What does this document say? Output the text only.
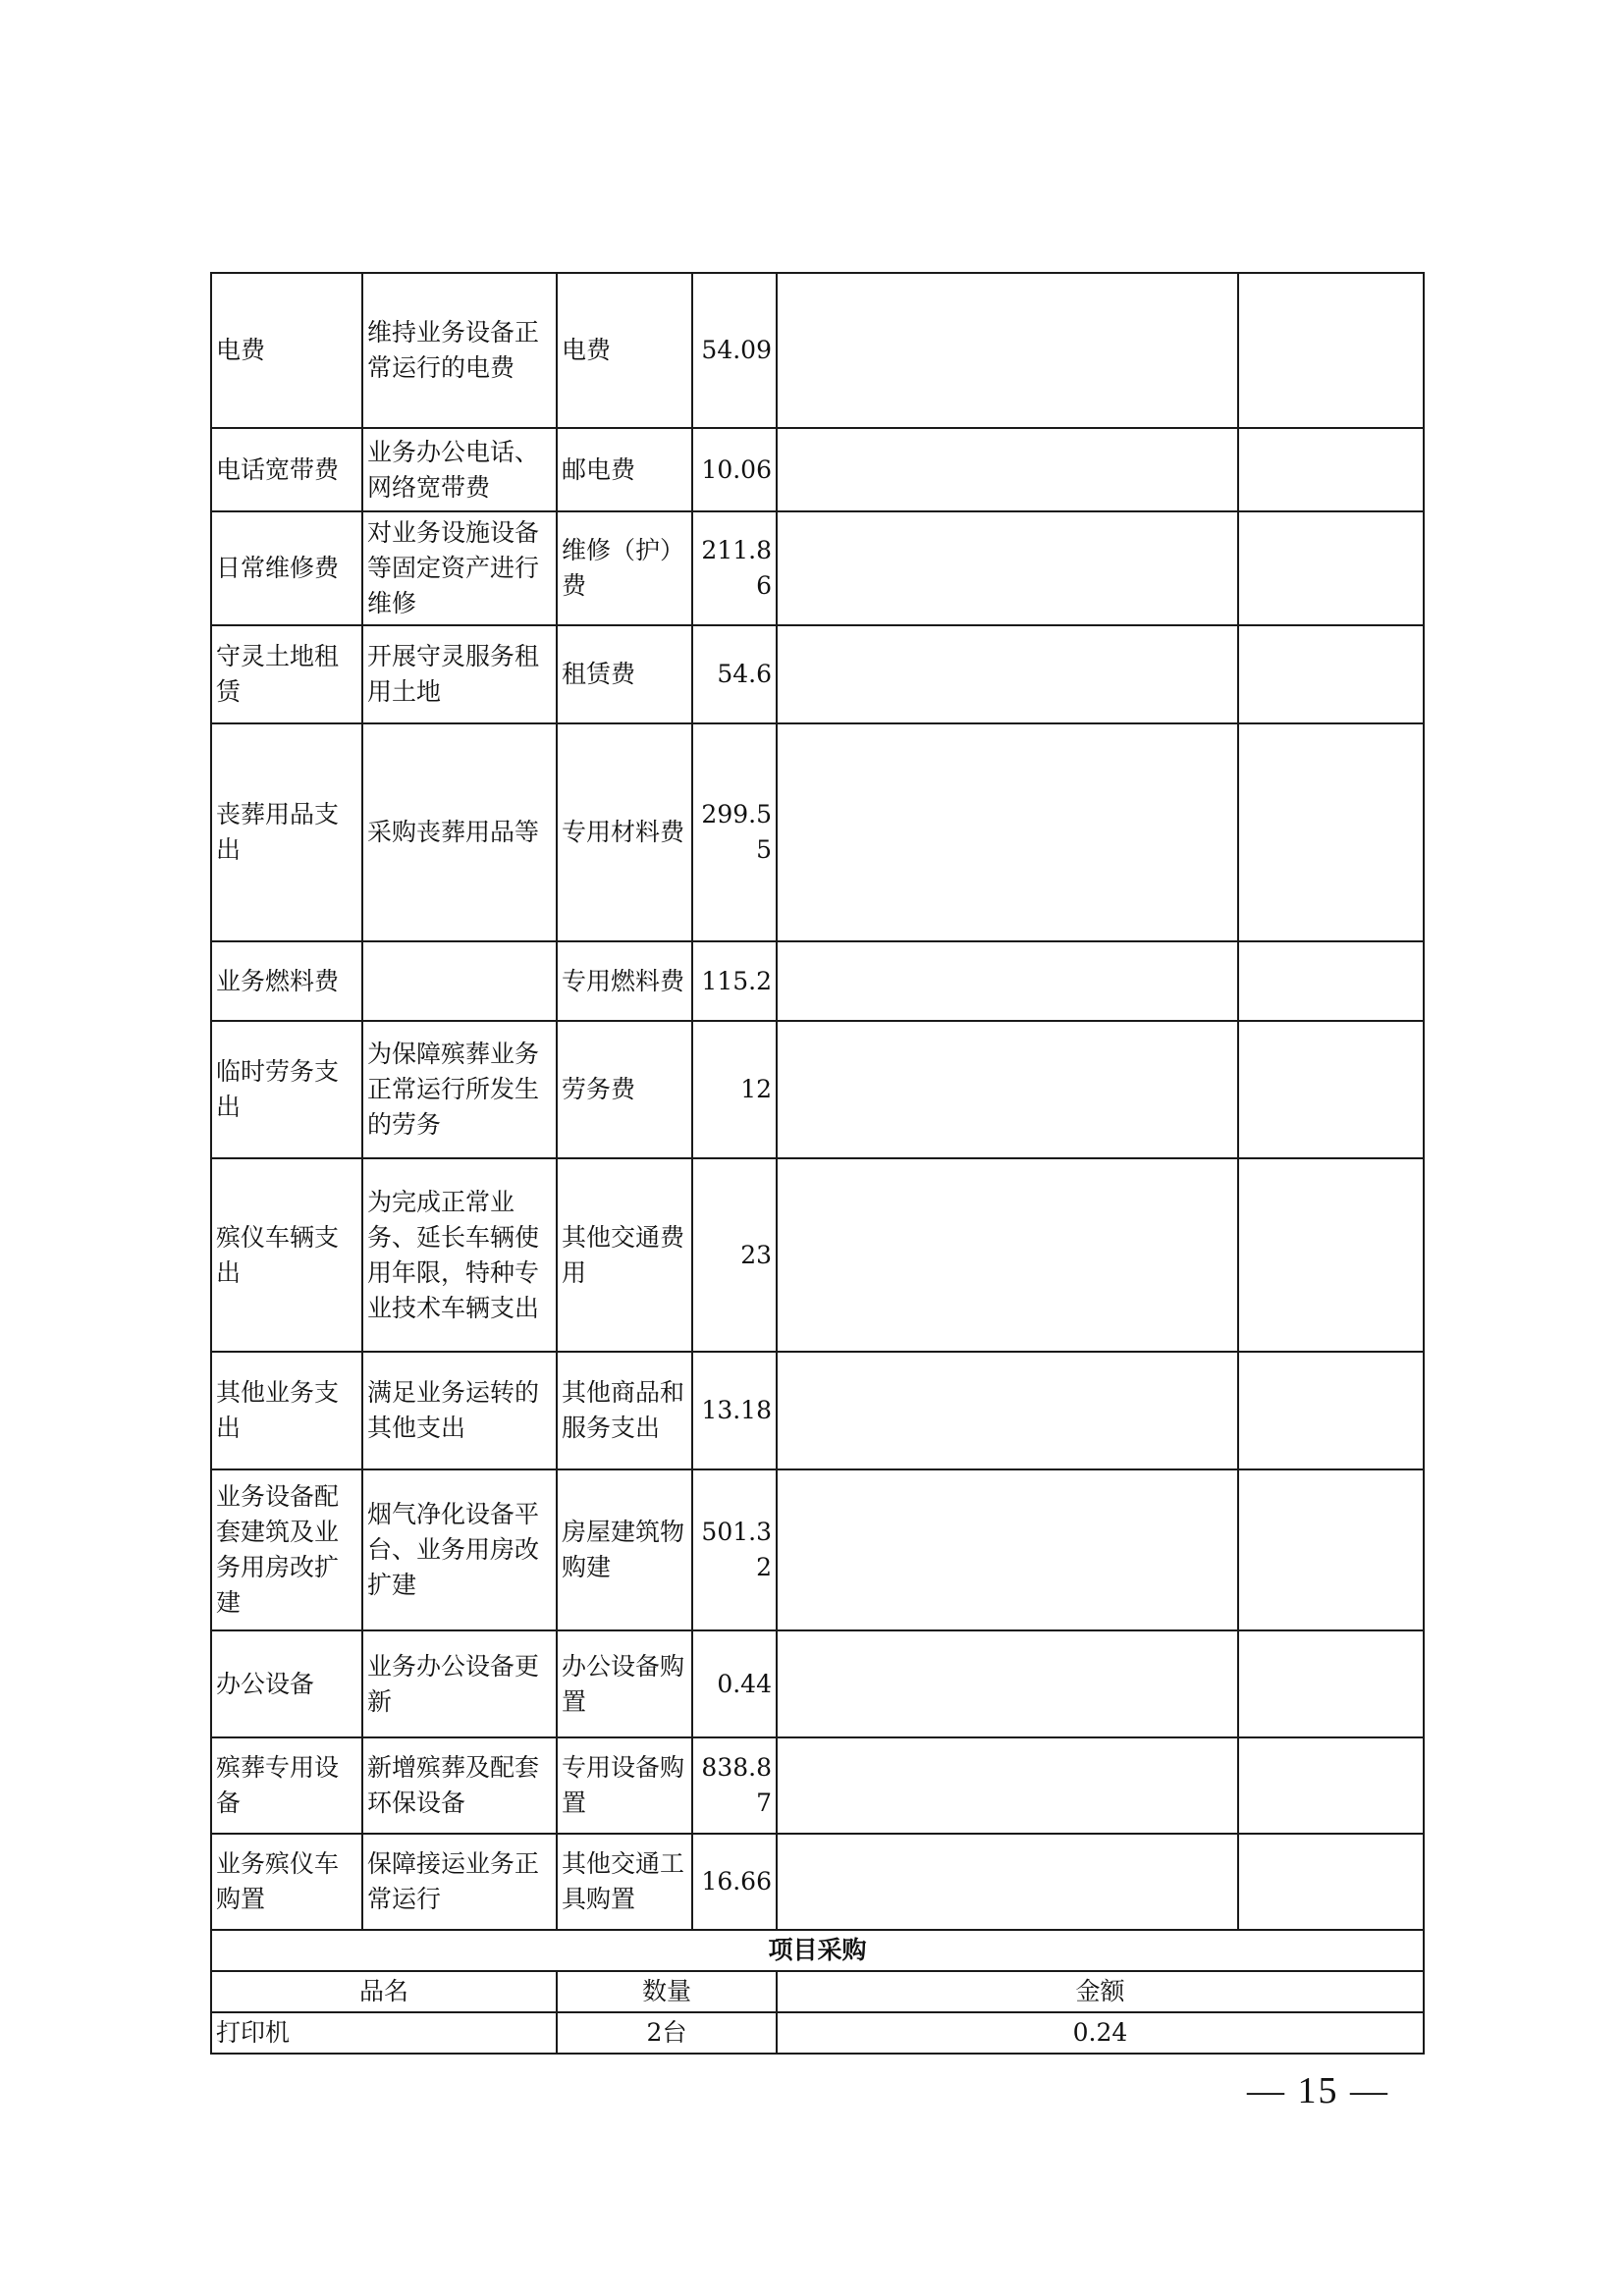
电费	维持业务设备正常运行的电费	电费	54.09		
电话宽带费	业务办公电话、网络宽带费	邮电费	10.06		
日常维修费	对业务设施设备等固定资产进行维修	维修（护）费	211.86		
守灵土地租赁	开展守灵服务租用土地	租赁费	54.6		
丧葬用品支出	采购丧葬用品等	专用材料费	299.55		
业务燃料费		专用燃料费	115.2		
临时劳务支出	为保障殡葬业务正常运行所发生的劳务	劳务费	12		
殡仪车辆支出	为完成正常业务、延长车辆使用年限，特种专业技术车辆支出	其他交通费用	23		
其他业务支出	满足业务运转的其他支出	其他商品和服务支出	13.18		
业务设备配套建筑及业务用房改扩建	烟气净化设备平台、业务用房改扩建	房屋建筑物购建	501.32		
办公设备	业务办公设备更新	办公设备购置	0.44		
殡葬专用设备	新增殡葬及配套环保设备	专用设备购置	838.87		
业务殡仪车购置	保障接运业务正常运行	其他交通工具购置	16.66		
项目采购					
品名		数量		金额	
打印机		2台		0.24	
— 15 —
